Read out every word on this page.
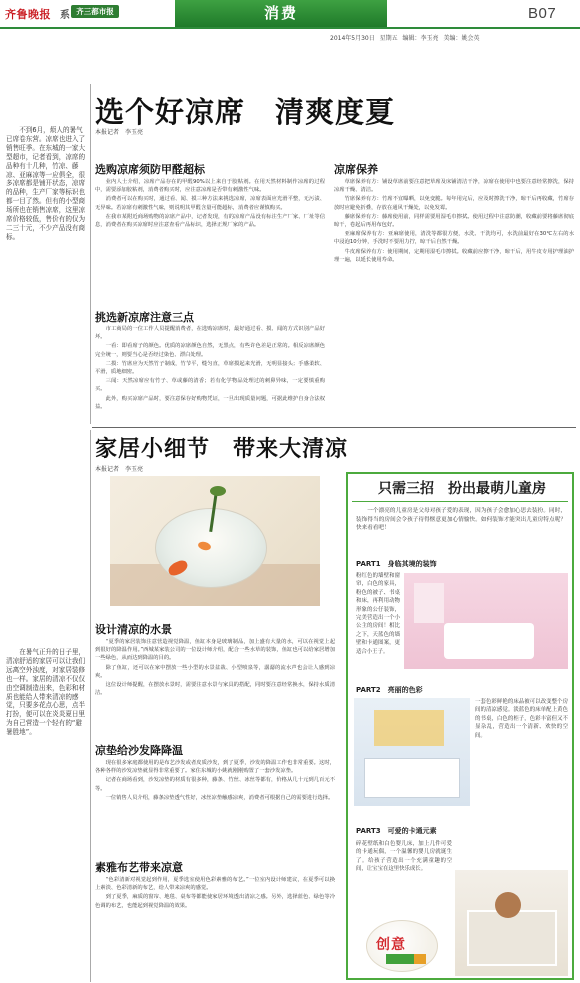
齐鲁晚报 系 齐三都市报	消费	B07
2014年5月30日 星期五 编辑：李玉亮 美编：姚会英

不到6月，烦人的暑气已席卷东营。凉席也进入了销售旺季。在东城的一家大型超市，记者看到，凉席的品种有十几种，竹凉、藤凉、亚麻凉等一应俱全，很多凉席都是铺开状态，凉席的品种，生产厂家等标识也都一目了然。但有的小型商场所也在销售凉席，这里凉席价格较低，售价有的仅为二三十元，不少产品没有商标。

在暑气正升的日子里，清凉舒适的家居可以让我们远离空外浊度，对家居装修也一样。家居的清凉不仅仅由空调制造出来，色彩和材质也能给人带来清凉的感觉，只要多花点心思，点半打扮，便可以在炎炎夏日里为自己营造一个轻有的“避暑胜地”。

选个好凉席　清爽度夏
本报记者　李玉亮
选购凉席须防甲醛超标

业内人士介绍，凉席产品存在的甲醛90%以上来自于胶粘剂。在用天然材料制作凉席的过程中，需要添加胶粘剂，消费者购买时，应注意凉席是否带有刺激性气味。

消费者可以在购买时，通过看、闻、摸三种方法来挑选凉席，凉席表面应光滑平整，无污渍、无异味。若凉席有刺激性气味，则说明其甲醛含量可能超标，消费者应谨慎购买。

在我市某附近商场购物的凉席产品中，记者发现，有的凉席产品没有标注生产厂家、厂址等信息，消费者在购买凉席时应注意查看产品标识，选择正规厂家的产品。

挑选新凉席注意三点

市工商局的一位工作人员提醒消费者，在选购凉席时，最好通过看、摸、闻的方式识别产品好坏。

一看：即看席子的颜色。优质的凉席颜色自然，无黑点，有些许色差是正常的。相反凉席颜色完全统一，则要当心是否经过染色、漂白处理。

二摸：竹席应为天然竹子制成，竹节平，缝匀直，草席摸起来光滑，无明显接头；手感柔软、平滑，质地细密。

三闻：天然凉席应有竹子、草或藤的清香；若有化学物品处理过的刺鼻异味，一定要慎重购买。

此外，购买凉席产品时，要注意保存好购物凭证，一旦出现质量问题，可据此维护自身合法权益。

凉席保养

草席保养有方：铺设草席前要注意把草席及床铺清洁干净，凉席在使用中也要注意经常擦洗，保持凉席干燥、清洁。

竹席保养有方：竹席不宜曝晒，以免变脆。每年用完后，应及时擦洗干净，晾干后再收藏，竹席存放时应避免折叠，存放在通风干燥处，以免发霉。

藤席保养有方：藤席使用前，同样需要用湿毛巾擦拭。使用过程中注意防潮，收藏前要将藤席彻底晾干，卷起后再用布包好。

亚麻席保养有方：亚麻席使用，清洗等都很方便，水洗、干洗均可，水洗前最好在30℃左右的水中浸泡10分钟，手洗时不要用力拧，晾干后自然干燥。

牛皮席保养有方：使用期间，定期用湿毛巾擦拭。收藏前应擦干净，晾干后，用牛皮专用护理油护理一遍，以延长使用寿命。

家居小细节　带来大清凉
本报记者　李玉亮
设计清凉的水景

“夏季的家居装饰注意营造视觉降温，鱼缸本身是玻璃制品，加上盛有大量的水，可以在视觉上起到很好的降温作用。”西城某家装公司的一位设计师介绍，配合一些水草的装饰，鱼缸也可以给家居增加一些绿色，从而达到降温的目的。

除了鱼缸，还可以在家中摆放一些小型的水景盆栽、小型喷泉等，潺潺的流水声也会让人感到凉爽。

这位设计师提醒，在摆放水景时，需要注意水景与家具的搭配，同时要注意经常换水，保持水质清洁。

凉垫给沙发降降温

现在很多家庭都使用的是布艺沙发或者皮质沙发，到了夏季，沙发的降温工作也非常重要。这时，各种各样的沙发凉垫就显得非常重要了。家住东城的小姚就刚刚购置了一套沙发凉垫。

记者在商场看到，沙发凉垫的材质有很多种，藤条、竹丝、冰丝等都有，价格从几十元到几百元不等。

一位销售人员介绍，藤条凉垫透气性好，冰丝凉垫触感凉爽，消费者可根据自己的需要进行选择。

素雅布艺带来凉意

“色彩清新对视觉起到作用，夏季选室使用色彩素雅的布艺。”一位室内设计师建议，在夏季可以换上素淡、色彩清新的布艺，给人带来凉爽的感觉。

到了夏季，麻质的窗帘、地毯、桌布等都能使家居环境透出清凉之感。另外，选择蓝色、绿色等冷色调的布艺，也能起到视觉降温的效果。

只需三招　扮出最萌儿童房

一个漂亮的儿童房是父母对孩子爱的表现，因为孩子会愈加心思去装扮。同时，装饰得当的房间会令孩子待得惬意更加心情愉快。如何装饰才能突出儿童房特点呢？快来看看吧！

PART1　身临其境的装饰

粉红色的墙壁和窗帘，白色的家具，粉色的被子、书桌和床，再利用动物形象的公仔装饰，完美营造出一个小公主的房间！相比之下，天蓝色的墙壁和卡通图案，更适合小王子。

PART2　亮丽的色彩

一套色彩鲜艳的床品被可以改变整个房间的清凉感觉。淡蓝色的床单配上黄色的书桌，白色的柜子，色彩丰富但又不显杂乱，营造出一个清新、欢快的空间。

PART3　可爱的卡通元素

碎花壁纸和白色婴儿床，加上几件可爱的卡通玩偶，一个温馨的婴儿房就诞生了。给孩子营造出一个充满童趣的空间，让宝宝在这里快乐成长。

创意
